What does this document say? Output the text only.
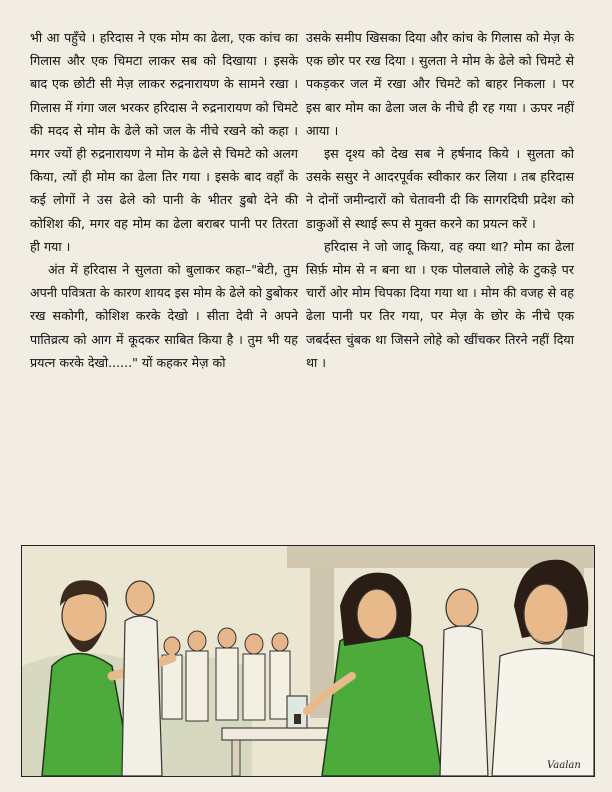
भी आ पहुँचे । हरिदास ने एक मोम का ढेला, एक कांच का गिलास और एक चिमटा लाकर सब को दिखाया । इसके बाद एक छोटी सी मेज़ लाकर रुद्रनारायण के सामने रखा । गिलास में गंगा जल भरकर हरिदास ने रुद्रनारायण को चिमटे की मदद से मोम के ढेले को जल के नीचे रखने को कहा । मगर ज्यों ही रुद्रनारायण ने मोम के ढेले से चिमटे को अलग किया, त्यों ही मोम का ढेला तिर गया । इसके बाद वहाँ के कई लोगों ने उस ढेले को पानी के भीतर डुबो देने की कोशिश की, मगर वह मोम का ढेला बराबर पानी पर तिरता ही गया ।

अंत में हरिदास ने सुलता को बुलाकर कहा–"बेटी, तुम अपनी पवित्रता के कारण शायद इस मोम के ढेले को डुबोकर रख सकोगी, कोशिश करके देखो । सीता देवी ने अपने पातिव्रत्य को आग में कूदकर साबित किया है । तुम भी यह प्रयत्न करके देखो......" यों कहकर मेज़ को

उसके समीप खिसका दिया और कांच के गिलास को मेज़ के एक छोर पर रख दिया । सुलता ने मोम के ढेले को चिमटे से पकड़कर जल में रखा और चिमटे को बाहर निकला । पर इस बार मोम का ढेला जल के नीचे ही रह गया । ऊपर नहीं आया ।

इस दृश्य को देख सब ने हर्षनाद किये । सुलता को उसके ससुर ने आदरपूर्वक स्वीकार कर लिया । तब हरिदास ने दोनों जमीन्दारों को चेतावनी दी कि सागरदिघी प्रदेश को डाकुओं से स्थाई रूप से मुक्त करने का प्रयत्न करें ।

हरिदास ने जो जादू किया, वह क्या था? मोम का ढेला सिर्फ़ मोम से न बना था । एक पोलवाले लोहे के टुकड़े पर चारों ओर मोम चिपका दिया गया था । मोम की वजह से वह ढेला पानी पर तिर गया, पर मेज़ के छोर के नीचे एक जबर्दस्त चुंबक था जिसने लोहे को खींचकर तिरने नहीं दिया था ।

Vaalan
